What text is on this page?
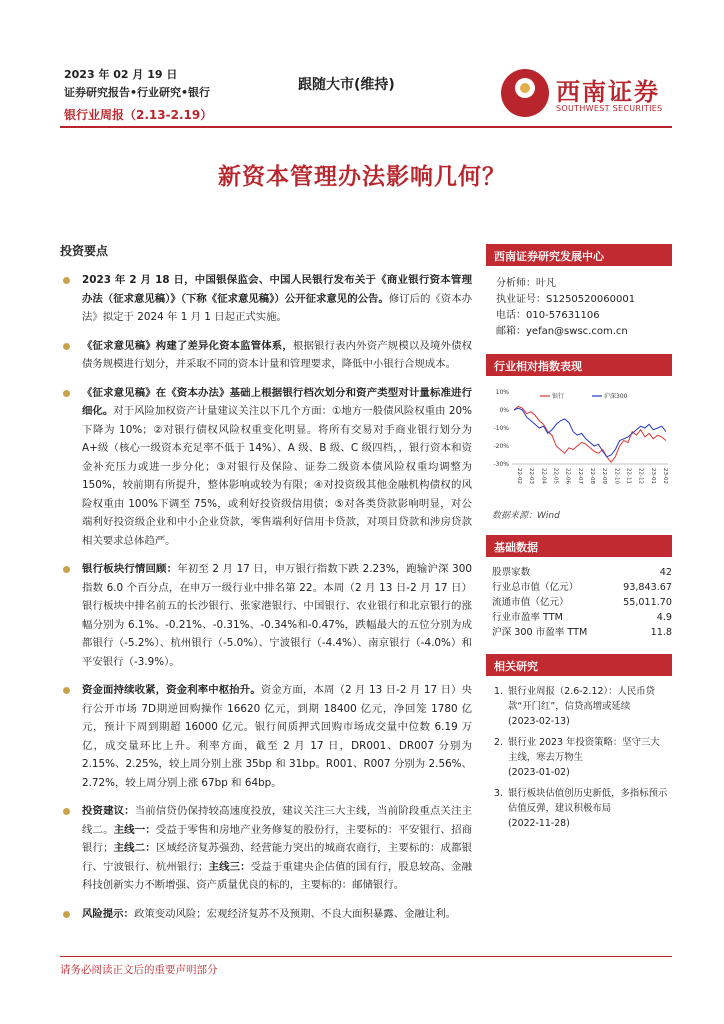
2023 年 02 月 19 日
证券研究报告•行业研究•银行
银行业周报（2.13-2.19）
跟随大市(维持)	西南证券
SOUTHWEST SECURITIES
新资本管理办法影响几何？
投资要点
2023 年 2 月 18 日，中国银保监会、中国人民银行发布关于《商业银行资本管理办法（征求意见稿）》（下称《征求意见稿》）公开征求意见的公告。修订后的《资本办法》拟定于 2024 年 1 月 1 日起正式实施。
《征求意见稿》构建了差异化资本监管体系，根据银行表内外资产规模以及境外债权债务规模进行划分，并采取不同的资本计量和管理要求，降低中小银行合规成本。
《征求意见稿》在《资本办法》基础上根据银行档次划分和资产类型对计量标准进行细化。对于风险加权资产计量建议关注以下几个方面：①地方一般债风险权重由 20%下降为 10%；②对银行债权风险权重变化明显。将所有交易对手商业银行划分为 A+级（核心一级资本充足率不低于 14%）、A 级、B 级、C 级四档，，银行资本和资金补充压力或进一步分化；③对银行及保险、证券二级资本债风险权重均调整为 150%，较前期有所提升，整体影响或较为有限；④对投资级其他金融机构债权的风险权重由 100%下调至 75%，或利好投资级信用债；⑤对各类贷款影响明显，对公端利好投资级企业和中小企业贷款，零售端利好信用卡贷款，对项目贷款和涉房贷款相关要求总体趋严。
银行板块行情回顾：年初至 2 月 17 日，申万银行指数下跌 2.23%，跑输沪深 300 指数 6.0 个百分点，在申万一级行业中排名第 22。本周（2 月 13 日-2 月 17 日）银行板块中排名前五的长沙银行、张家港银行、中国银行、农业银行和北京银行的涨幅分别为 6.1%、-0.21%、-0.31%、-0.34%和-0.47%，跌幅最大的五位分别为成都银行（-5.2%）、杭州银行（-5.0%）、宁波银行（-4.4%）、南京银行（-4.0%）和平安银行（-3.9%）。
资金面持续收紧，资金利率中枢抬升。资金方面，本周（2 月 13 日-2 月 17 日）央行公开市场 7D期逆回购操作 16620 亿元，到期 18400 亿元，净回笼 1780 亿元，预计下周到期超 16000 亿元。银行间质押式回购市场成交量中位数 6.19 万亿，成交量环比上升。利率方面，截至 2 月 17 日，DR001、DR007 分别为 2.15%、2.25%，较上周分别上涨 35bp 和 31bp。R001、R007 分别为 2.56%、2.72%，较上周分别上涨 67bp 和 64bp。
投资建议：当前信贷仍保持较高速度投放，建议关注三大主线，当前阶段重点关注主线二。主线一：受益于零售和房地产业务修复的股份行，主要标的：平安银行、招商银行；主线二：区域经济复苏强劲、经营能力突出的城商农商行，主要标的：成都银行、宁波银行、杭州银行；主线三：受益于重建央企估值的国有行，股息较高、金融科技创新实力不断增强、资产质量优良的标的，主要标的：邮储银行。
风险提示：政策变动风险；宏观经济复苏不及预期、不良大面积暴露、金融让利。
西南证券研究发展中心
分析师：叶凡
执业证号：S1250520060001
电话：010-57631106
邮箱：yefan@swsc.com.cn
行业相对指数表现
10%
-10%
-30%
0%
-20%
22-02 22-03 22-04 22-05 22-06 22-07 22-08 22-09 22-10 22-11 22-12 23-01 23-02
银行	沪深300
数据来源：Wind
基础数据
股票家数	42
行业总市值（亿元）	93,843.67
流通市值（亿元）	55,011.70
行业市盈率 TTM	4.9
沪深 300 市盈率 TTM	11.8
相关研究
1. 银行业周报（2.6-2.12）：人民币贷款“开门红”，信贷高增或延续
(2023-02-13)
2. 银行业 2023 年投资策略：坚守三大主线，寒去万物生
(2023-01-02)
3. 银行板块估值创历史新低，多指标预示估值反弹，建议积极布局
(2022-11-28)
请务必阅读正文后的重要声明部分
